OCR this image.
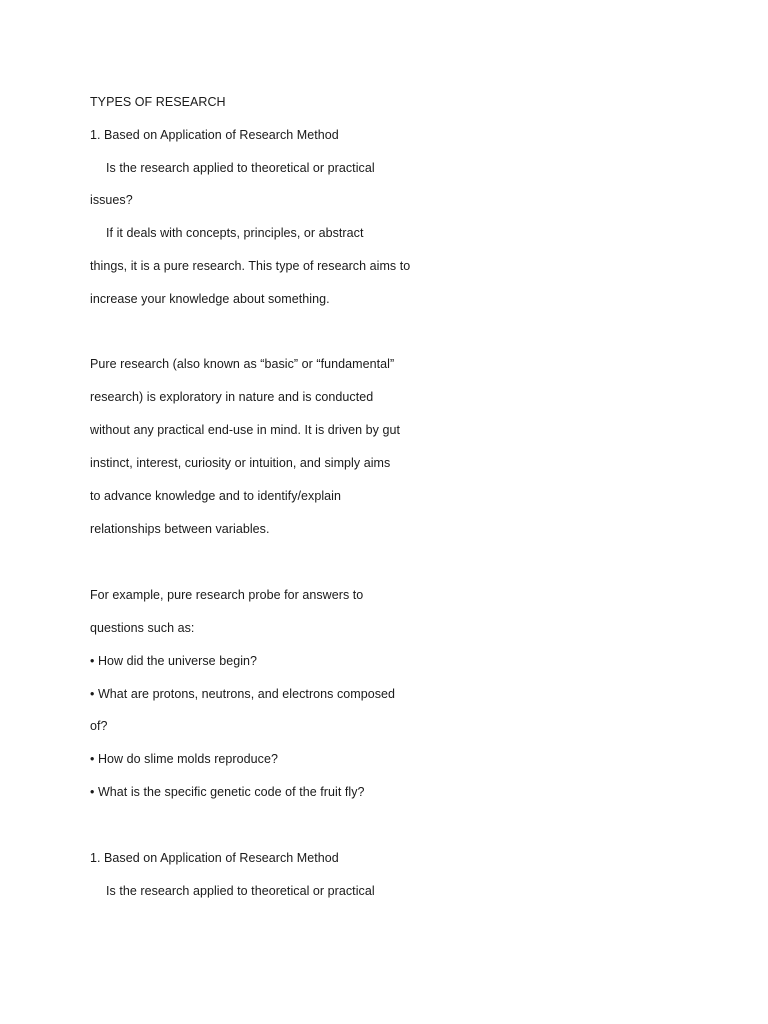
TYPES OF RESEARCH
1. Based on Application of Research Method
Is the research applied to theoretical or practical
issues?
If it deals with concepts, principles, or abstract
things, it is a pure research. This type of research aims to
increase your knowledge about something.
Pure research (also known as “basic” or “fundamental”
research) is exploratory in nature and is conducted
without any practical end-use in mind. It is driven by gut
instinct, interest, curiosity or intuition, and simply aims
to advance knowledge and to identify/explain
relationships between variables.
For example, pure research probe for answers to
questions such as:
• How did the universe begin?
• What are protons, neutrons, and electrons composed
of?
• How do slime molds reproduce?
• What is the specific genetic code of the fruit fly?
1. Based on Application of Research Method
Is the research applied to theoretical or practical
